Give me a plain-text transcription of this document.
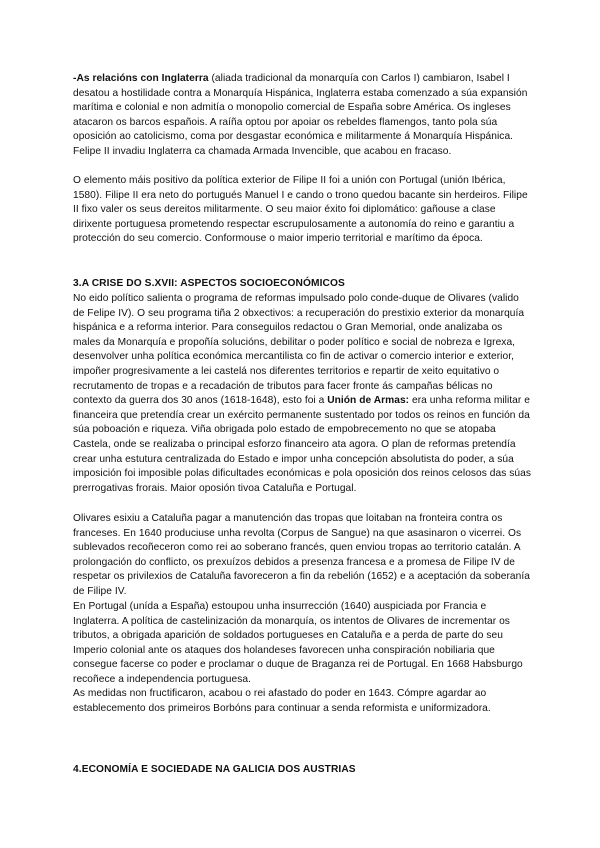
-As relacións con Inglaterra (aliada tradicional da monarquía con Carlos I) cambiaron, Isabel I desatou a hostilidade contra a Monarquía Hispánica, Inglaterra estaba comenzado a súa expansión marítima e colonial e non admitía o monopolio comercial de España sobre América. Os ingleses atacaron os barcos españois. A raíña optou por apoiar os rebeldes flamengos, tanto pola súa oposición ao catolicismo, coma por desgastar económica e militarmente á Monarquía Hispánica. Felipe II invadiu Inglaterra ca chamada Armada Invencible, que acabou en fracaso.

O elemento máis positivo da política exterior de Filipe II foi a unión con Portugal (unión Ibérica, 1580). Filipe II era neto do portugués Manuel I e cando o trono quedou bacante sin herdeiros. Filipe II fixo valer os seus dereitos militarmente. O seu maior éxito foi diplomático: gañouse a clase dirixente portuguesa prometendo respectar escrupulosamente a autonomía do reino e garantiu a protección do seu comercio. Conformouse o maior imperio territorial e marítimo da época.

3.A CRISE DO S.XVII: ASPECTOS SOCIOECONÓMICOS

No eido político salienta o programa de reformas impulsado polo conde-duque de Olivares (valido de Felipe IV). O seu programa tiña 2 obxectivos: a recuperación do prestixio exterior da monarquía hispánica e a reforma interior. Para conseguilos redactou o Gran Memorial, onde analizaba os males da Monarquía e propoñía solucións, debilitar o poder político e social de nobreza e Igrexa, desenvolver unha política económica mercantilista co fin de activar o comercio interior e exterior, impoñer progresivamente a lei castelá nos diferentes territorios e repartir de xeito equitativo o recrutamento de tropas e a recadación de tributos para facer fronte ás campañas bélicas no contexto da guerra dos 30 anos (1618-1648), esto foi a Unión de Armas: era unha reforma militar e financeira que pretendía crear un exército permanente sustentado por todos os reinos en función da súa poboación e riqueza. Viña obrigada polo estado de empobrecemento no que se atopaba Castela, onde se realizaba o principal esforzo financeiro ata agora. O plan de reformas pretendía crear unha estutura centralizada do Estado e impor unha concepción absolutista do poder, a súa imposición foi imposible polas dificultades económicas e pola oposición dos reinos celosos das súas prerrogativas frorais. Maior oposión tivoa Cataluña e Portugal.

Olivares esixiu a Cataluña pagar a manutención das tropas que loitaban na fronteira contra os franceses. En 1640 produciuse unha revolta (Corpus de Sangue) na que asasinaron o vicerrei. Os sublevados recoñeceron como rei ao soberano francés, quen enviou tropas ao territorio catalán. A prolongación do conflicto, os prexuízos debidos a presenza francesa e a promesa de Filipe IV de respetar os privilexios de Cataluña favoreceron a fin da rebelión (1652) e a aceptación da soberanía de Filipe IV.

En Portugal (unída a España) estoupou unha insurrección (1640) auspiciada por Francia e Inglaterra. A política de castelinización da monarquía, os intentos de Olivares de incrementar os tributos, a obrigada aparición de soldados portugueses en Cataluña e a perda de parte do seu Imperio colonial ante os ataques dos holandeses favorecen unha conspiración nobiliaria que consegue facerse co poder e proclamar o duque de Braganza rei de Portugal. En 1668 Habsburgo recoñece a independencia portuguesa.

As medidas non fructificaron, acabou o rei afastado do poder en 1643. Cómpre agardar ao establecemento dos primeiros Borbóns para continuar a senda reformista e uniformizadora.

4.ECONOMÍA E SOCIEDADE NA GALICIA DOS AUSTRIAS
